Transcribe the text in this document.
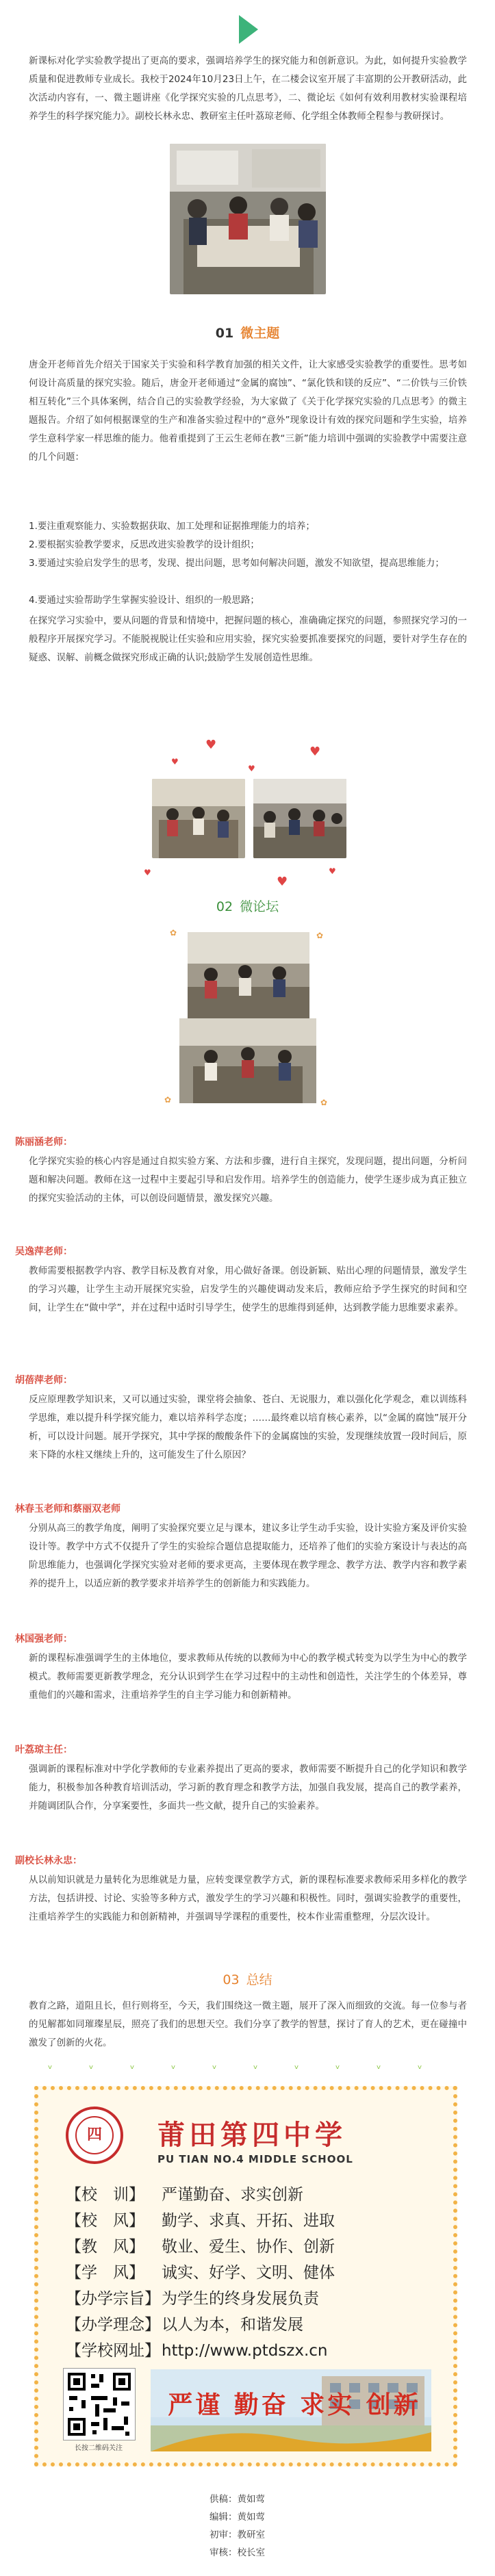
新课标对化学实验教学提出了更高的要求，强调培养学生的探究能力和创新意识。为此，如何提升实验教学质量和促进教师专业成长。我校于2024年10月23日上午，在二楼会议室开展了丰富期的公开教研活动，此次活动内容有，一、微主题讲座《化学探究实验的几点思考》，二、微论坛《如何有效利用教材实验课程培养学生的科学探究能力》。副校长林永忠、教研室主任叶荔琼老师、化学组全体教师全程参与教研探讨。

01 微主题

唐金开老师首先介绍关于国家关于实验和科学教育加强的相关文件，让大家感受实验教学的重要性。思考如何设计高质量的探究实验。随后，唐金开老师通过“金属的腐蚀”、“氯化铁和镁的反应”、“二价铁与三价铁相互转化”三个具体案例，结合自己的实验教学经验，为大家做了《关于化学探究实验的几点思考》的微主题报告。介绍了如何根据课堂的生产和准备实验过程中的“意外”现象设计有效的探究问题和学生实验，培养学生意科学家一样思维的能力。他着重提到了王云生老师在教“三新”能力培训中强调的实验教学中需要注意的几个问题：

1.要注重观察能力、实验数据获取、加工处理和证据推理能力的培养；

2.要根据实验教学要求，反思改进实验教学的设计组织；

3.要通过实验启发学生的思考，发现、提出问题，思考如何解决问题，激发不知欲望，提高思维能力；

4.要通过实验帮助学生掌握实验设计、组织的一般思路；

在探究学习实验中，要从问题的背景和情境中，把握问题的核心，准确确定探究的问题，参照探究学习的一般程序开展探究学习。不能脱视脱让任实验和应用实验，探究实验要抓准要探究的问题，要针对学生存在的疑惑、误解、前概念做探究形成正确的认识;鼓励学生发展创造性思维。

♥
♥
♥
♥
♥
♥
♥
02 微论坛
✿	✿
✿	✿
陈丽涵老师：

化学探究实验的核心内容是通过自拟实验方案、方法和步骤，进行自主探究，发现问题，提出问题，分析问题和解决问题。教师在这一过程中主要起引导和启发作用。培养学生的创造能力，使学生逐步成为真正独立的探究实验活动的主体，可以创设问题情景，激发探究兴趣。

吴逸萍老师：

教师需要根据教学内容、教学目标及教育对象，用心做好备课。创设新颖、贴出心理的问题情景，激发学生的学习兴趣，让学生主动开展探究实验，启发学生的兴趣使调动发来后，教师应给予学生探究的时间和空间，让学生在“做中学”，并在过程中适时引导学生，使学生的思维得到延伸，达到教学能力思维要求素养。

胡蓓萍老师：

反应原理教学知识来，又可以通过实验，课堂将会抽象、苍白、无说服力，难以强化化学观念，难以训练科学思维，难以提升科学探究能力，难以培养科学态度；……最终难以培育核心素养，以“金属的腐蚀”展开分析，可以设计问题。展开学探究，其中学探的酸酸条件下的金属腐蚀的实验，发现继续放置一段时间后，原来下降的水柱又继续上升的，这可能发生了什么原因？

林春玉老师和蔡丽双老师

分别从高三的教学角度，阐明了实验探究要立足与课本，建议多让学生动手实验，设计实验方案及评价实验设计等。教学中方式不仅提升了学生的实验综合题信息提取能力，还培养了他们的实验方案设计与表达的高阶思维能力，也强调化学探究实验对老师的要求更高，主要体现在教学理念、教学方法、教学内容和教学素养的提升上，以适应新的教学要求并培养学生的创新能力和实践能力。

林国强老师：

新的课程标准强调学生的主体地位，要求教师从传统的以教师为中心的教学模式转变为以学生为中心的教学模式。教师需要更新教学理念，充分认识到学生在学习过程中的主动性和创造性，关注学生的个体差异，尊重他们的兴趣和需求，注重培养学生的自主学习能力和创新精神。

叶荔琼主任：

强调新的课程标准对中学化学教师的专业素养提出了更高的要求，教师需要不断提升自己的化学知识和教学能力，积极参加各种教育培训活动，学习新的教育理念和教学方法，加强自我发展，提高自己的教学素养，并随调团队合作，分享案要性，多面共一些文献，提升自己的实验素养。

副校长林永忠：

从以前知识就是力量转化为思维就是力量，应转变课堂教学方式，新的课程标准要求教师采用多样化的教学方法，包括讲授、讨论、实验等多种方式，激发学生的学习兴趣和积极性。同时，强调实验教学的重要性，注重培养学生的实践能力和创新精神，并强调导学课程的重要性，校本作业需重整理，分层次设计。

03 总结

教育之路，道阻且长，但行则将至，今天，我们围绕这一微主题，展开了深入而细致的交流。每一位参与者的见解都如同璀璨星辰，照亮了我们的思想天空。我们分享了教学的智慧，探讨了育人的艺术，更在碰撞中激发了创新的火花。

ᵥ	ᵥ	ᵥ	ᵥ	ᵥ	ᵥ	ᵥ	ᵥ	ᵥ	ᵥ
四 莆田第四中学
PU TIAN NO.4 MIDDLE SCHOOL
【校　训】 严谨勤奋、求实创新
【校　风】 勤学、求真、开拓、进取
【教　风】 敬业、爱生、协作、创新
【学　风】 诚实、好学、文明、健体
【办学宗旨】为学生的终身发展负责
【办学理念】以人为本，和谐发展
【学校网址】http://www.ptdszx.cn
长按二维码关注
严谨 勤奋 求实 创新
供稿：黄如莺
编辑：黄如莺
初审：教研室
审核：校长室
